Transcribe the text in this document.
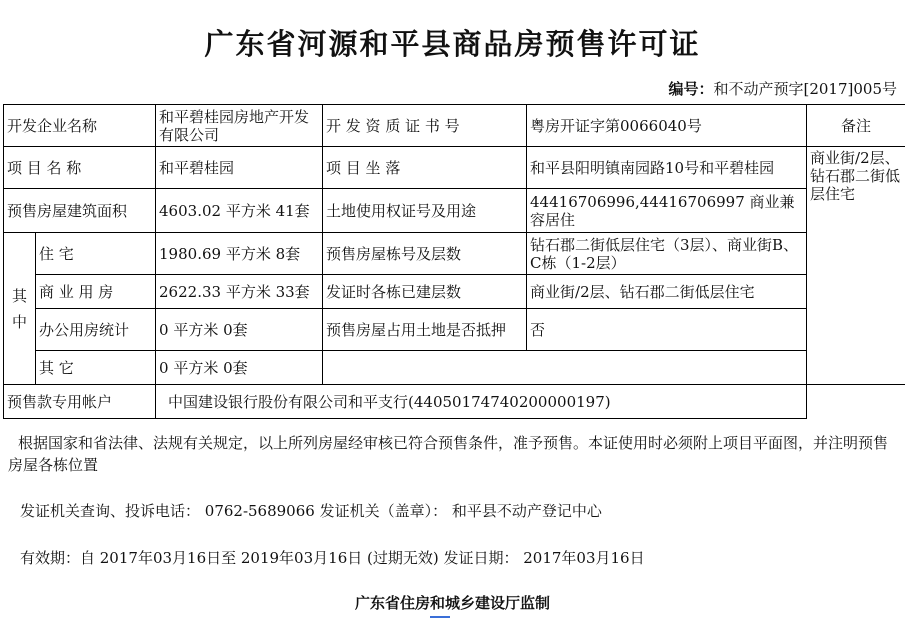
广东省河源和平县商品房预售许可证
编号：和不动产预字[2017]005号
开发企业名称		和平碧桂园房地产开发有限公司	开 发 资 质 证 书 号	粤房开证字第0066040号	备注	
项 目 名 称		和平碧桂园	项 目 坐 落	和平县阳明镇南园路10号和平碧桂园	商业街/2层、钻石郡二街低层住宅	
预售房屋建筑面积		4603.02 平方米 41套	土地使用权证号及用途	44416706996,44416706997 商业兼容居住		
其中	住 宅	1980.69 平方米 8套	预售房屋栋号及层数	钻石郡二街低层住宅（3层）、商业街B、C栋（1-2层）		
	商 业 用 房	2622.33 平方米 33套	发证时各栋已建层数	商业街/2层、钻石郡二街低层住宅		
	办公用房统计	0 平方米 0套	预售房屋占用土地是否抵押	否		
	其 它	0 平方米 0套				
预售款专用帐户		中国建设银行股份有限公司和平支行(44050174740200000197)				
根据国家和省法律、法规有关规定，以上所列房屋经审核已符合预售条件，准予预售。本证使用时必须附上项目平面图，并注明预售房屋各栋位置
发证机关查询、投诉电话： 0762-5689066 发证机关（盖章）： 和平县不动产登记中心
有效期：自 2017年03月16日至 2019年03月16日 (过期无效) 发证日期： 2017年03月16日
广东省住房和城乡建设厅监制
